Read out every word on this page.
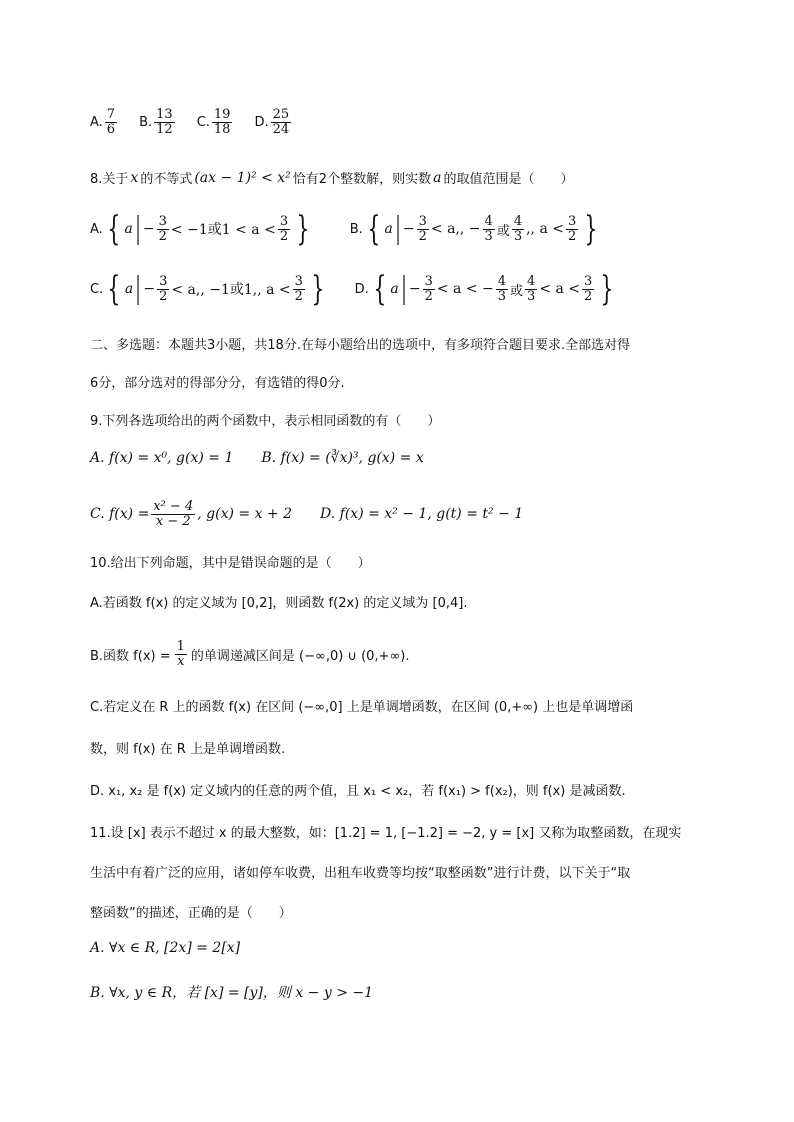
A. $\frac{7}{6} B$. $\frac{13}{12} C$. $\frac{19}{18} D$. $\frac{25}{24}$
8.关于 x 的不等式 (ax − 1)² < x² 恰有2个整数解，则实数 a 的取值范围是（　　）
A. { a | − $\frac{3}{2} < -1$或$1 < a < \frac{3}{2}$ }	B. { a | − $\frac{3}{2} < a$,, − $\frac{4}{3}$ 或 $\frac{4}{3}$ ,, $a < \frac{3}{2}$ }
C. { a | − $\frac{3}{2} < a$,, −1或1,, $a < \frac{3}{2}$ } D. { a | − $\frac{3}{2} < a$ < − $\frac{4}{3}$ 或 $\frac{4}{3} < a < \frac{3}{2}$ }
二、多选题：本题共3小题，共18分.在每小题给出的选项中，有多项符合题目要求.全部选对得
6分，部分选对的得部分分，有选错的得0分.
9.下列各选项给出的两个函数中，表示相同函数的有（　　）
A. f(x) = x⁰, g(x) = 1 B. f(x) = (∛x)³, g(x) = x
C. $f(x) = \frac{\text{x² − 4}}{x - 2}$ , g(x) = x + 2 D. f(x) = x² − 1, g(t) = t² − 1
10.给出下列命题，其中是错误命题的是（　　）
A.若函数 f(x) 的定义域为 [0,2]，则函数 f(2x) 的定义域为 [0,4].
B.函数 $f(x) = \frac{1}{x}$ 的单调递减区间是 (−∞,0) ∪ (0,+∞).
C.若定义在 R 上的函数 f(x) 在区间 (−∞,0] 上是单调增函数，在区间 (0,+∞) 上也是单调增函
数，则 f(x) 在 R 上是单调增函数.
D. x₁, x₂ 是 f(x) 定义域内的任意的两个值，且 x₁ < x₂，若 f(x₁) > f(x₂)，则 f(x) 是减函数.
11.设 [x] 表示不超过 x 的最大整数，如：[1.2] = 1, [−1.2] = −2, y = [x] 又称为取整函数，在现实
生活中有着广泛的应用，诸如停车收费，出租车收费等均按“取整函数”进行计费，以下关于“取
整函数”的描述，正确的是（　　）
A. ∀x ∈ R, [2x] = 2[x]
B. ∀x, y ∈ R，若 [x] = [y]，则 x − y > −1
